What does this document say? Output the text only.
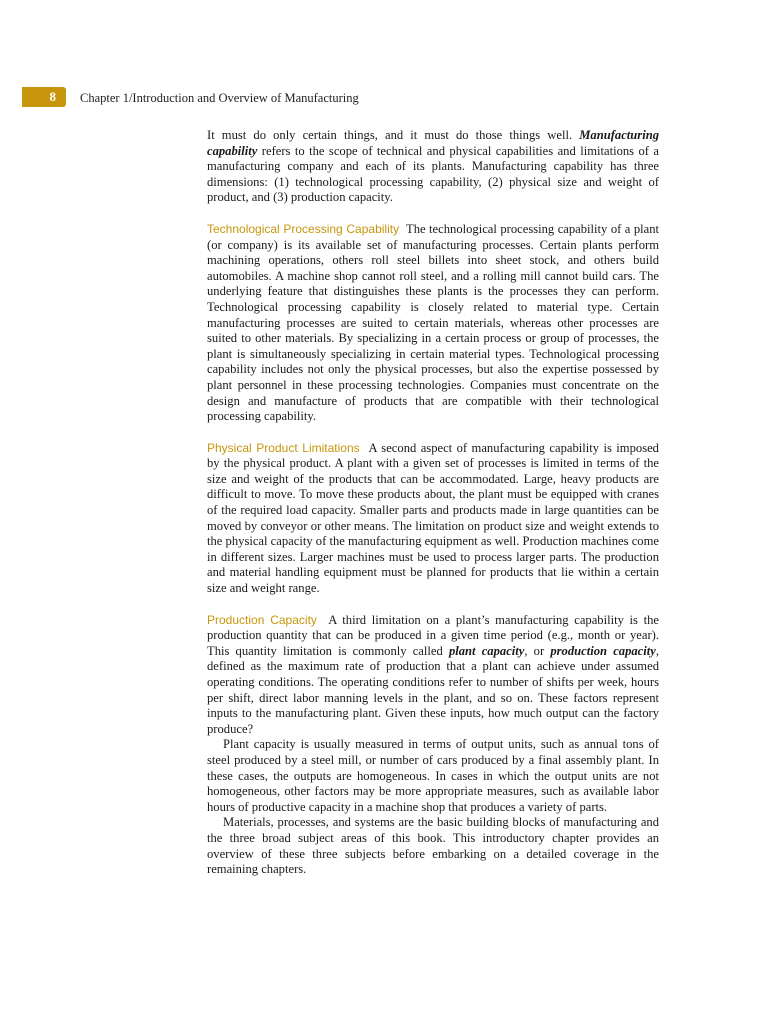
8	Chapter 1/Introduction and Overview of Manufacturing

It must do only certain things, and it must do those things well. Manufacturing capability refers to the scope of technical and physical capabilities and limitations of a manufacturing company and each of its plants. Manufacturing capability has three dimensions: (1) technological processing capability, (2) physical size and weight of product, and (3) production capacity.

Technological Processing Capability The technological processing capability of a plant (or company) is its available set of manufacturing processes. Certain plants perform machining operations, others roll steel billets into sheet stock, and others build automobiles. A machine shop cannot roll steel, and a rolling mill cannot build cars. The underlying feature that distinguishes these plants is the processes they can perform. Technological processing capability is closely related to material type. Certain manufacturing processes are suited to certain materials, whereas other processes are suited to other materials. By specializing in a certain process or group of processes, the plant is simultaneously specializing in certain material types. Technological processing capability includes not only the physical processes, but also the expertise possessed by plant personnel in these processing technologies. Companies must concentrate on the design and manufacture of products that are compatible with their technological processing capability.

Physical Product Limitations A second aspect of manufacturing capability is imposed by the physical product. A plant with a given set of processes is limited in terms of the size and weight of the products that can be accommodated. Large, heavy products are difficult to move. To move these products about, the plant must be equipped with cranes of the required load capacity. Smaller parts and products made in large quantities can be moved by conveyor or other means. The limitation on product size and weight extends to the physical capacity of the manufacturing equipment as well. Production machines come in different sizes. Larger machines must be used to process larger parts. The production and material handling equipment must be planned for products that lie within a certain size and weight range.

Production Capacity A third limitation on a plant’s manufacturing capability is the production quantity that can be produced in a given time period (e.g., month or year). This quantity limitation is commonly called plant capacity, or production capacity, defined as the maximum rate of production that a plant can achieve under assumed operating conditions. The operating conditions refer to number of shifts per week, hours per shift, direct labor manning levels in the plant, and so on. These factors represent inputs to the manufacturing plant. Given these inputs, how much output can the factory produce?

Plant capacity is usually measured in terms of output units, such as annual tons of steel produced by a steel mill, or number of cars produced by a final assembly plant. In these cases, the outputs are homogeneous. In cases in which the output units are not homogeneous, other factors may be more appropriate measures, such as available labor hours of productive capacity in a machine shop that produces a variety of parts.

Materials, processes, and systems are the basic building blocks of manufacturing and the three broad subject areas of this book. This introductory chapter provides an overview of these three subjects before embarking on a detailed coverage in the remaining chapters.
